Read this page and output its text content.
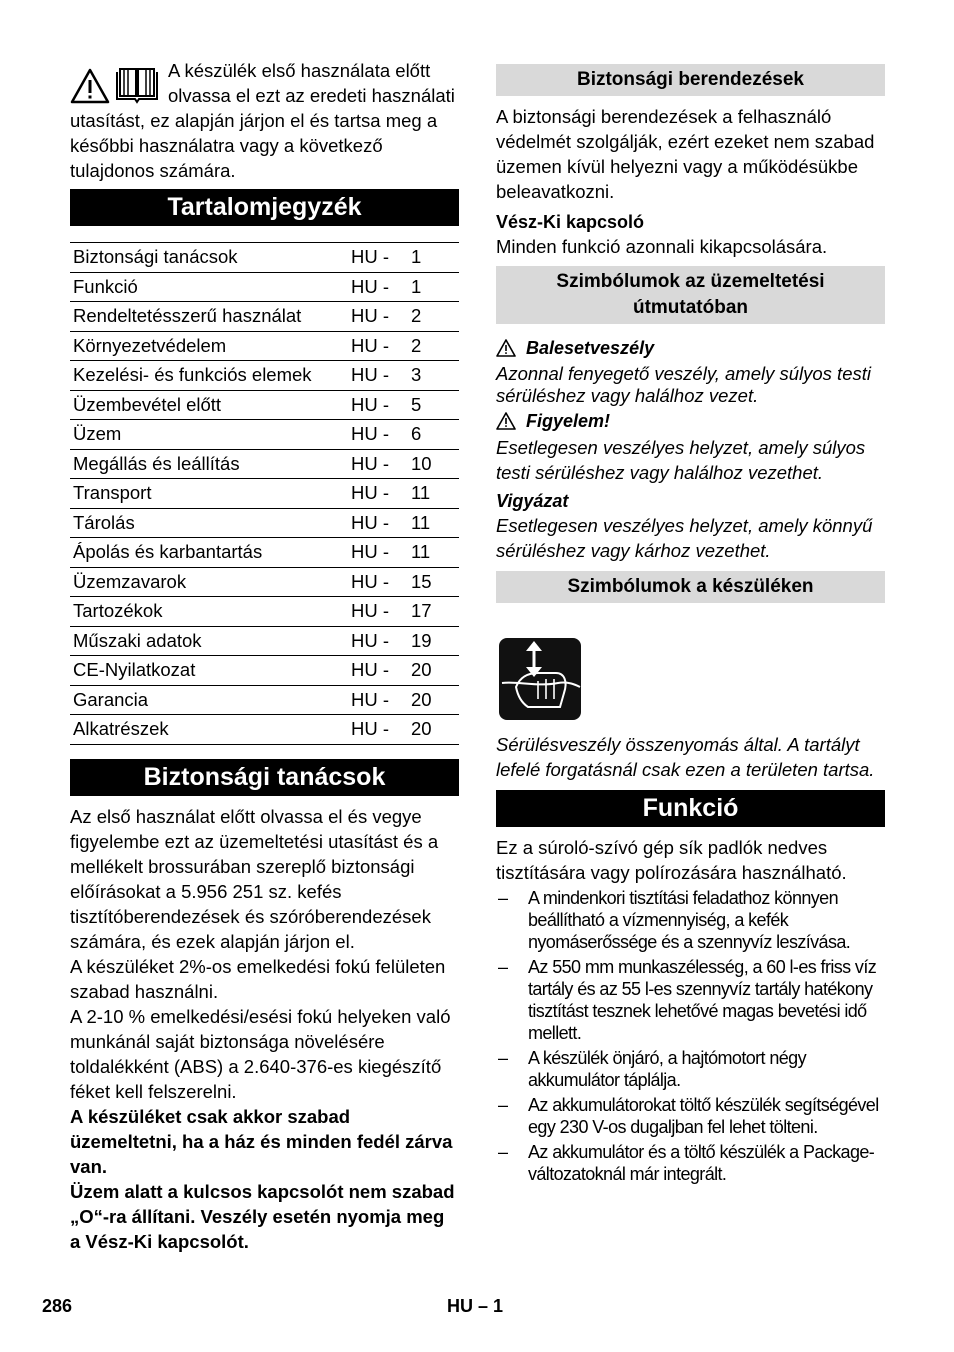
A készülék első használata előtt olvassa el ezt az eredeti használati utasítást, ez alapján járjon el és tartsa meg a későbbi használatra vagy a következő tulajdonos számára.

Tartalomjegyzék
Biztonsági tanácsok	HU -	1
Funkció	HU -	1
Rendeltetésszerű használat	HU -	2
Környezetvédelem	HU -	2
Kezelési- és funkciós elemek	HU -	3
Üzembevétel előtt	HU -	5
Üzem	HU -	6
Megállás és leállítás	HU -	10
Transport	HU -	11
Tárolás	HU -	11
Ápolás és karbantartás	HU -	11
Üzemzavarok	HU -	15
Tartozékok	HU -	17
Műszaki adatok	HU -	19
CE-Nyilatkozat	HU -	20
Garancia	HU -	20
Alkatrészek	HU -	20
Biztonsági tanácsok

Az első használat előtt olvassa el és vegye figyelembe ezt az üzemeltetési utasítást és a mellékelt brossurában szereplő biztonsági előírásokat a 5.956 251 sz. kefés tisztítóberendezések és szóróberendezések számára, és ezek alapján járjon el.

A készüléket 2%-os emelkedési fokú felületen szabad használni.

A 2-10 % emelkedési/esési fokú helyeken való munkánál saját biztonsága növelésére toldalékként (ABS) a 2.640-376-es kiegészítő féket kell felszerelni.

A készüléket csak akkor szabad üzemeltetni, ha a ház és minden fedél zárva van.

Üzem alatt a kulcsos kapcsolót nem szabad „O“-ra állítani. Veszély esetén nyomja meg a Vész-Ki kapcsolót.

Biztonsági berendezések

A biztonsági berendezések a felhasználó védelmét szolgálják, ezért ezeket nem szabad üzemen kívül helyezni vagy a működésükbe beleavatkozni.

Vész-Ki kapcsoló

Minden funkció azonnali kikapcsolására.

Szimbólumok az üzemeltetési útmutatóban
Balesetveszély

Azonnal fenyegető veszély, amely súlyos testi sérüléshez vagy halálhoz vezet.

Figyelem!

Esetlegesen veszélyes helyzet, amely súlyos testi sérüléshez vagy halálhoz vezethet.

Vigyázat

Esetlegesen veszélyes helyzet, amely könnyű sérüléshez vagy kárhoz vezethet.

Szimbólumok a készüléken

Sérülésveszély összenyomás által. A tartályt lefelé forgatásnál csak ezen a területen tartsa.

Funkció

Ez a súroló-szívó gép sík padlók nedves tisztítására vagy polírozására használható.

– A mindenkori tisztítási feladathoz könnyen beállítható a vízmennyiség, a kefék nyomáserőssége és a szennyvíz leszívása.
– Az 550 mm munkaszélesség, a 60 l-es friss víz tartály és az 55 l-es szennyvíz tartály hatékony tisztítást tesznek lehetővé magas bevetési idő mellett.
– A készülék önjáró, a hajtómotort négy akkumulátor táplálja.
– Az akkumulátorokat töltő készülék segítségével egy 230 V-os dugaljban fel lehet tölteni.
– Az akkumulátor és a töltő készülék a Package-változatoknál már integrált.
286	HU – 1
